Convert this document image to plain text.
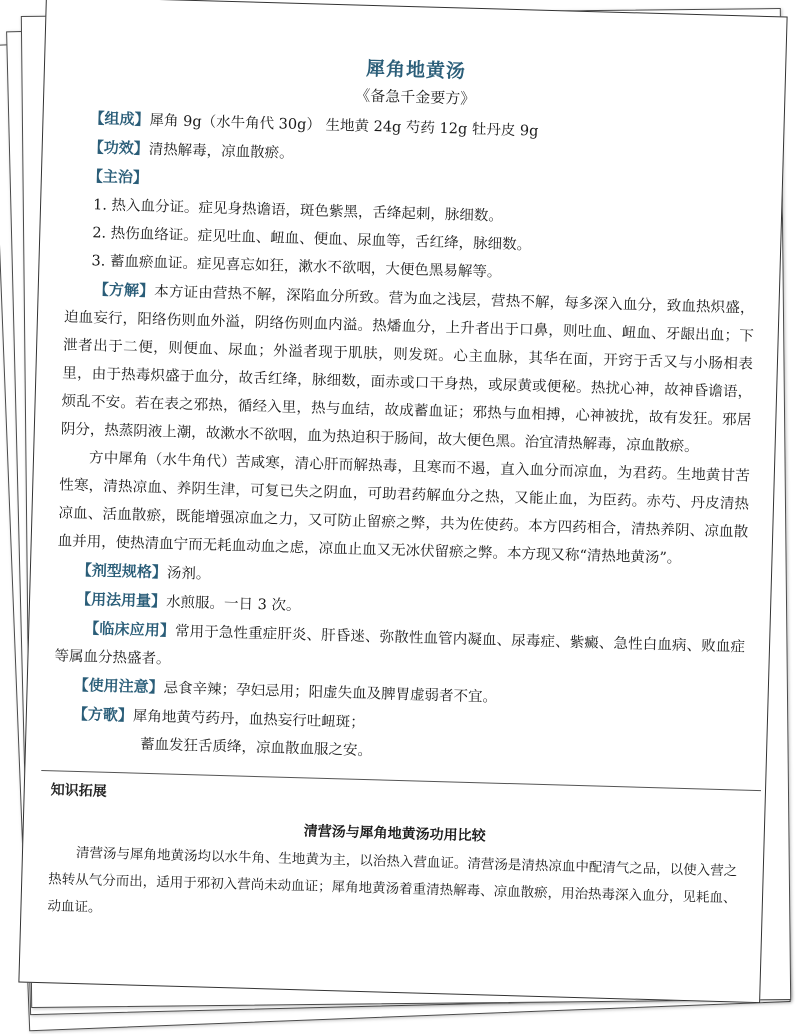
犀角地黄汤
《备急千金要方》

【组成】犀角 9g（水牛角代 30g） 生地黄 24g 芍药 12g 牡丹皮 9g

【功效】清热解毒，凉血散瘀。

【主治】

1. 热入血分证。症见身热谵语，斑色紫黑，舌绛起刺，脉细数。

2. 热伤血络证。症见吐血、衄血、便血、尿血等，舌红绛，脉细数。

3. 蓄血瘀血证。症见喜忘如狂，漱水不欲咽，大便色黑易解等。

【方解】本方证由营热不解，深陷血分所致。营为血之浅层，营热不解，每多深入血分，致血热炽盛，迫血妄行，阳络伤则血外溢，阴络伤则血内溢。热燔血分，上升者出于口鼻，则吐血、衄血、牙龈出血；下泄者出于二便，则便血、尿血；外溢者现于肌肤，则发斑。心主血脉，其华在面，开窍于舌又与小肠相表里，由于热毒炽盛于血分，故舌红绛，脉细数，面赤或口干身热，或尿黄或便秘。热扰心神，故神昏谵语，烦乱不安。若在表之邪热，循经入里，热与血结，故成蓄血证；邪热与血相搏，心神被扰，故有发狂。邪居阴分，热蒸阴液上潮，故漱水不欲咽，血为热迫积于肠间，故大便色黑。治宜清热解毒，凉血散瘀。

方中犀角（水牛角代）苦咸寒，清心肝而解热毒，且寒而不遏，直入血分而凉血，为君药。生地黄甘苦性寒，清热凉血、养阴生津，可复已失之阴血，可助君药解血分之热，又能止血，为臣药。赤芍、丹皮清热凉血、活血散瘀，既能增强凉血之力，又可防止留瘀之弊，共为佐使药。本方四药相合，清热养阴、凉血散血并用，使热清血宁而无耗血动血之虑，凉血止血又无冰伏留瘀之弊。本方现又称“清热地黄汤”。

【剂型规格】汤剂。

【用法用量】水煎服。一日 3 次。

【临床应用】常用于急性重症肝炎、肝昏迷、弥散性血管内凝血、尿毒症、紫癜、急性白血病、败血症等属血分热盛者。

【使用注意】忌食辛辣；孕妇忌用；阳虚失血及脾胃虚弱者不宜。

【方歌】犀角地黄芍药丹，血热妄行吐衄斑；

蓄血发狂舌质绛，凉血散血服之安。

知识拓展
清营汤与犀角地黄汤功用比较

清营汤与犀角地黄汤均以水牛角、生地黄为主，以治热入营血证。清营汤是清热凉血中配清气之品，以使入营之热转从气分而出，适用于邪初入营尚未动血证；犀角地黄汤着重清热解毒、凉血散瘀，用治热毒深入血分，见耗血、动血证。
